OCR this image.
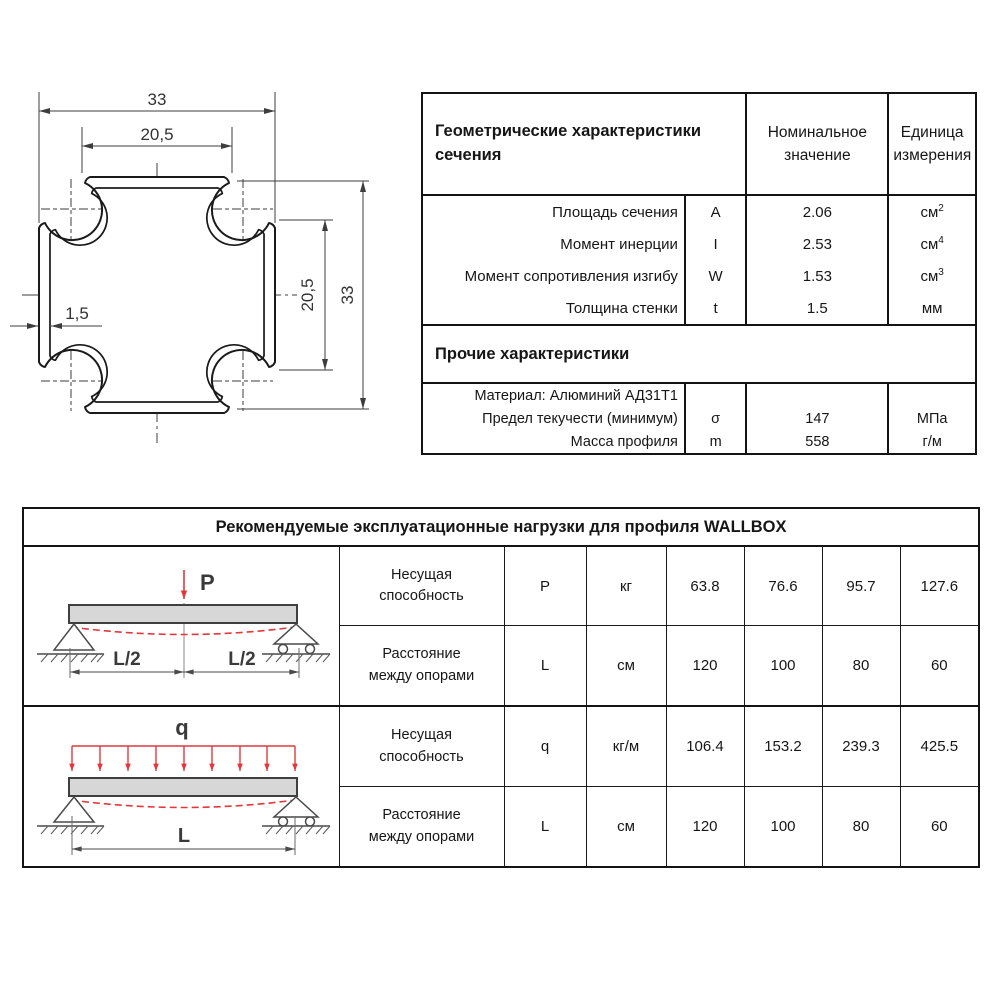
33
20,5
33
20,5
1,5
Геометрические характеристики сечения		Номинальное значение	Единица измерения
Площадь сечения	A	2.06	$см^2$
Момент инерции	I	2.53	$см^4$
Момент сопротивления изгибу	W	1.53	$см^3$
Толщина стенки	t	1.5	мм
Прочие характеристики			
Материал: Алюминий АД31Т1			
Предел текучести (минимум)	σ	147	МПа
Масса профиля	m	558	г/м
Рекомендуемые эксплуатационные нагрузки для профиля WALLBOX							

P
L/2 L/2	Несущая способность	P	кг	63.8	76.6	95.7	127.6
	Расстояние между опорами	L	см	120	100	80	60

q
L	Несущая способность	q	кг/м	106.4	153.2	239.3	425.5
	Расстояние между опорами	L	см	120	100	80	60
